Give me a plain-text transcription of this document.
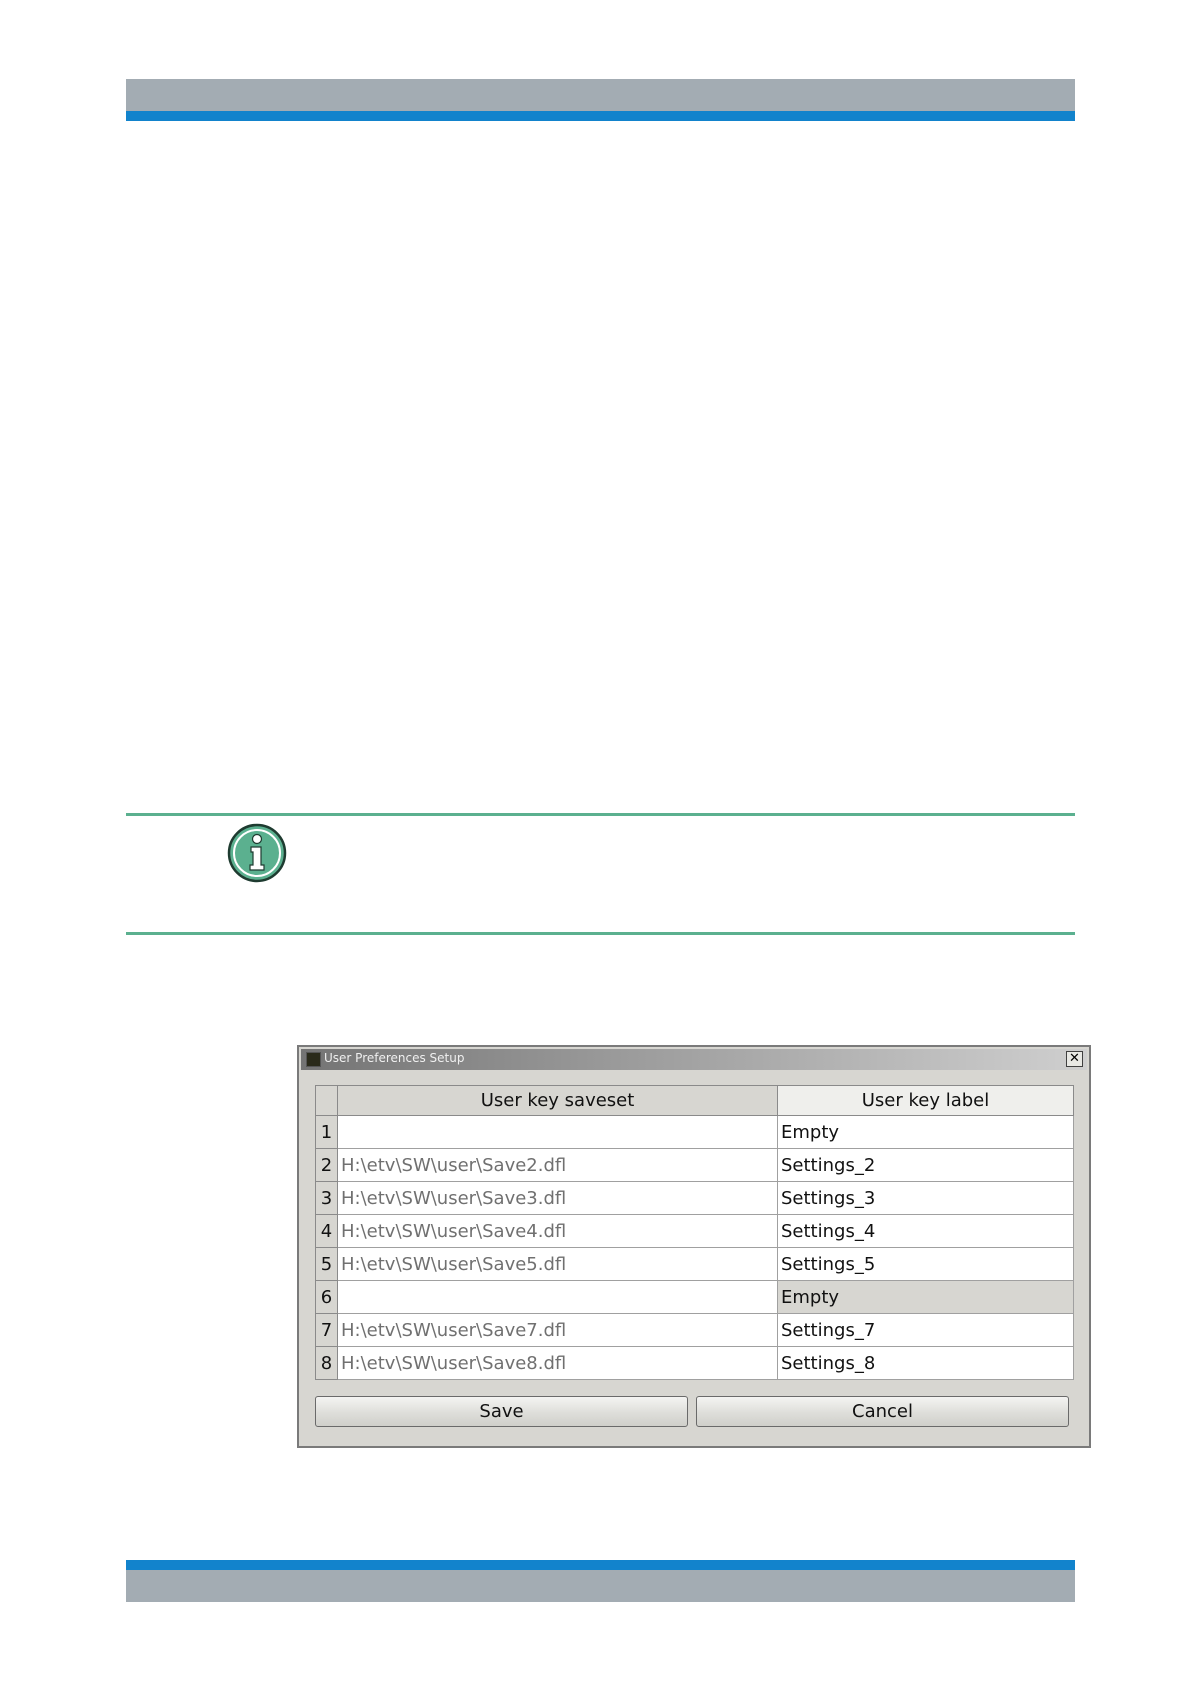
User Preferences Setup	✕
	User key saveset	User key label
1		Empty
2	H:\etv\SW\user\Save2.dfl	Settings_2
3	H:\etv\SW\user\Save3.dfl	Settings_3
4	H:\etv\SW\user\Save4.dfl	Settings_4
5	H:\etv\SW\user\Save5.dfl	Settings_5
6		Empty
7	H:\etv\SW\user\Save7.dfl	Settings_7
8	H:\etv\SW\user\Save8.dfl	Settings_8
Save	Cancel
